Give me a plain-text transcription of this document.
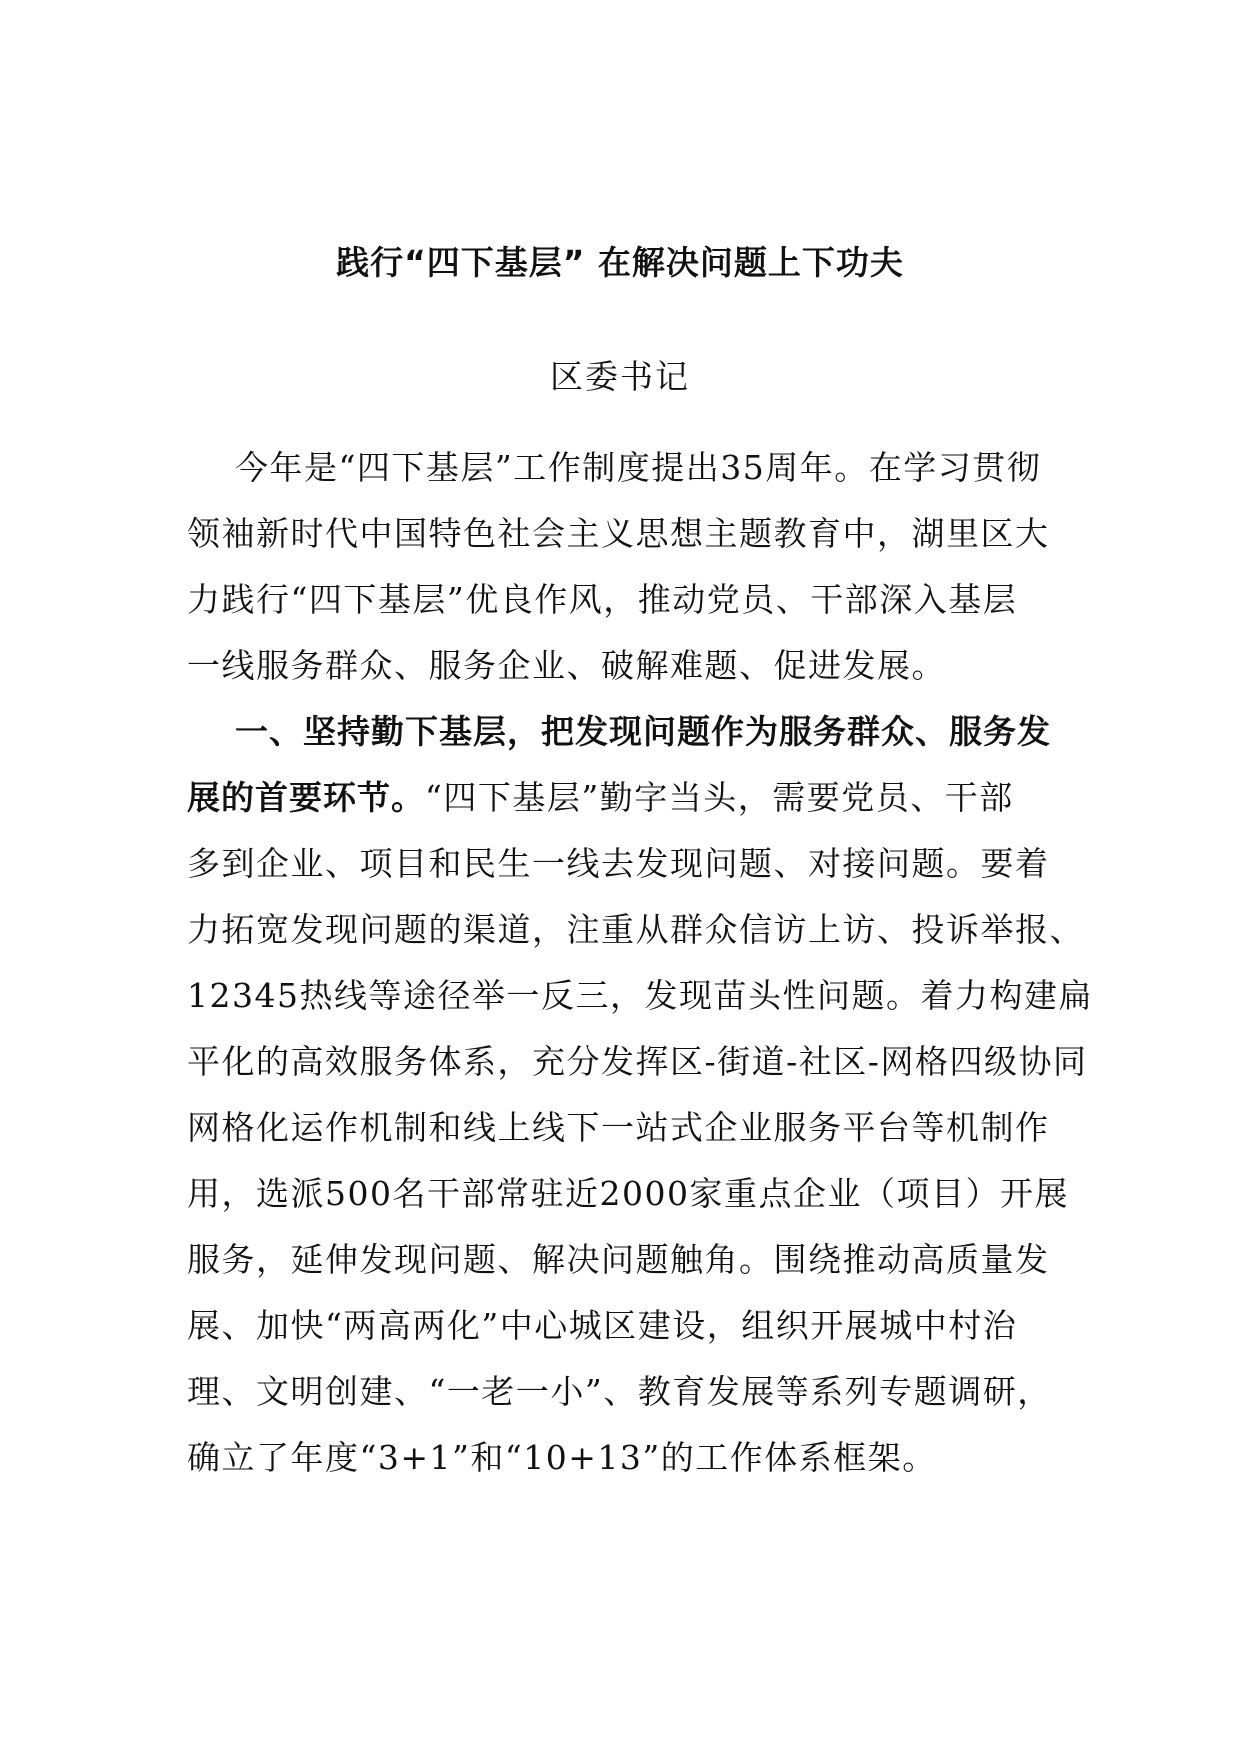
践行“四下基层” 在解决问题上下功夫
区委书记
今年是“四下基层”工作制度提出35周年。在学习贯彻
领袖新时代中国特色社会主义思想主题教育中，湖里区大
力践行“四下基层”优良作风，推动党员、干部深入基层
一线服务群众、服务企业、破解难题、促进发展。
一、坚持勤下基层，把发现问题作为服务群众、服务发
展的首要环节。“四下基层”勤字当头，需要党员、干部
多到企业、项目和民生一线去发现问题、对接问题。要着
力拓宽发现问题的渠道，注重从群众信访上访、投诉举报、
12345热线等途径举一反三，发现苗头性问题。着力构建扁
平化的高效服务体系，充分发挥区-街道-社区-网格四级协同
网格化运作机制和线上线下一站式企业服务平台等机制作
用，选派500名干部常驻近2000家重点企业（项目）开展
服务，延伸发现问题、解决问题触角。围绕推动高质量发
展、加快“两高两化”中心城区建设，组织开展城中村治
理、文明创建、“一老一小”、教育发展等系列专题调研，
确立了年度“3+1”和“10+13”的工作体系框架。
